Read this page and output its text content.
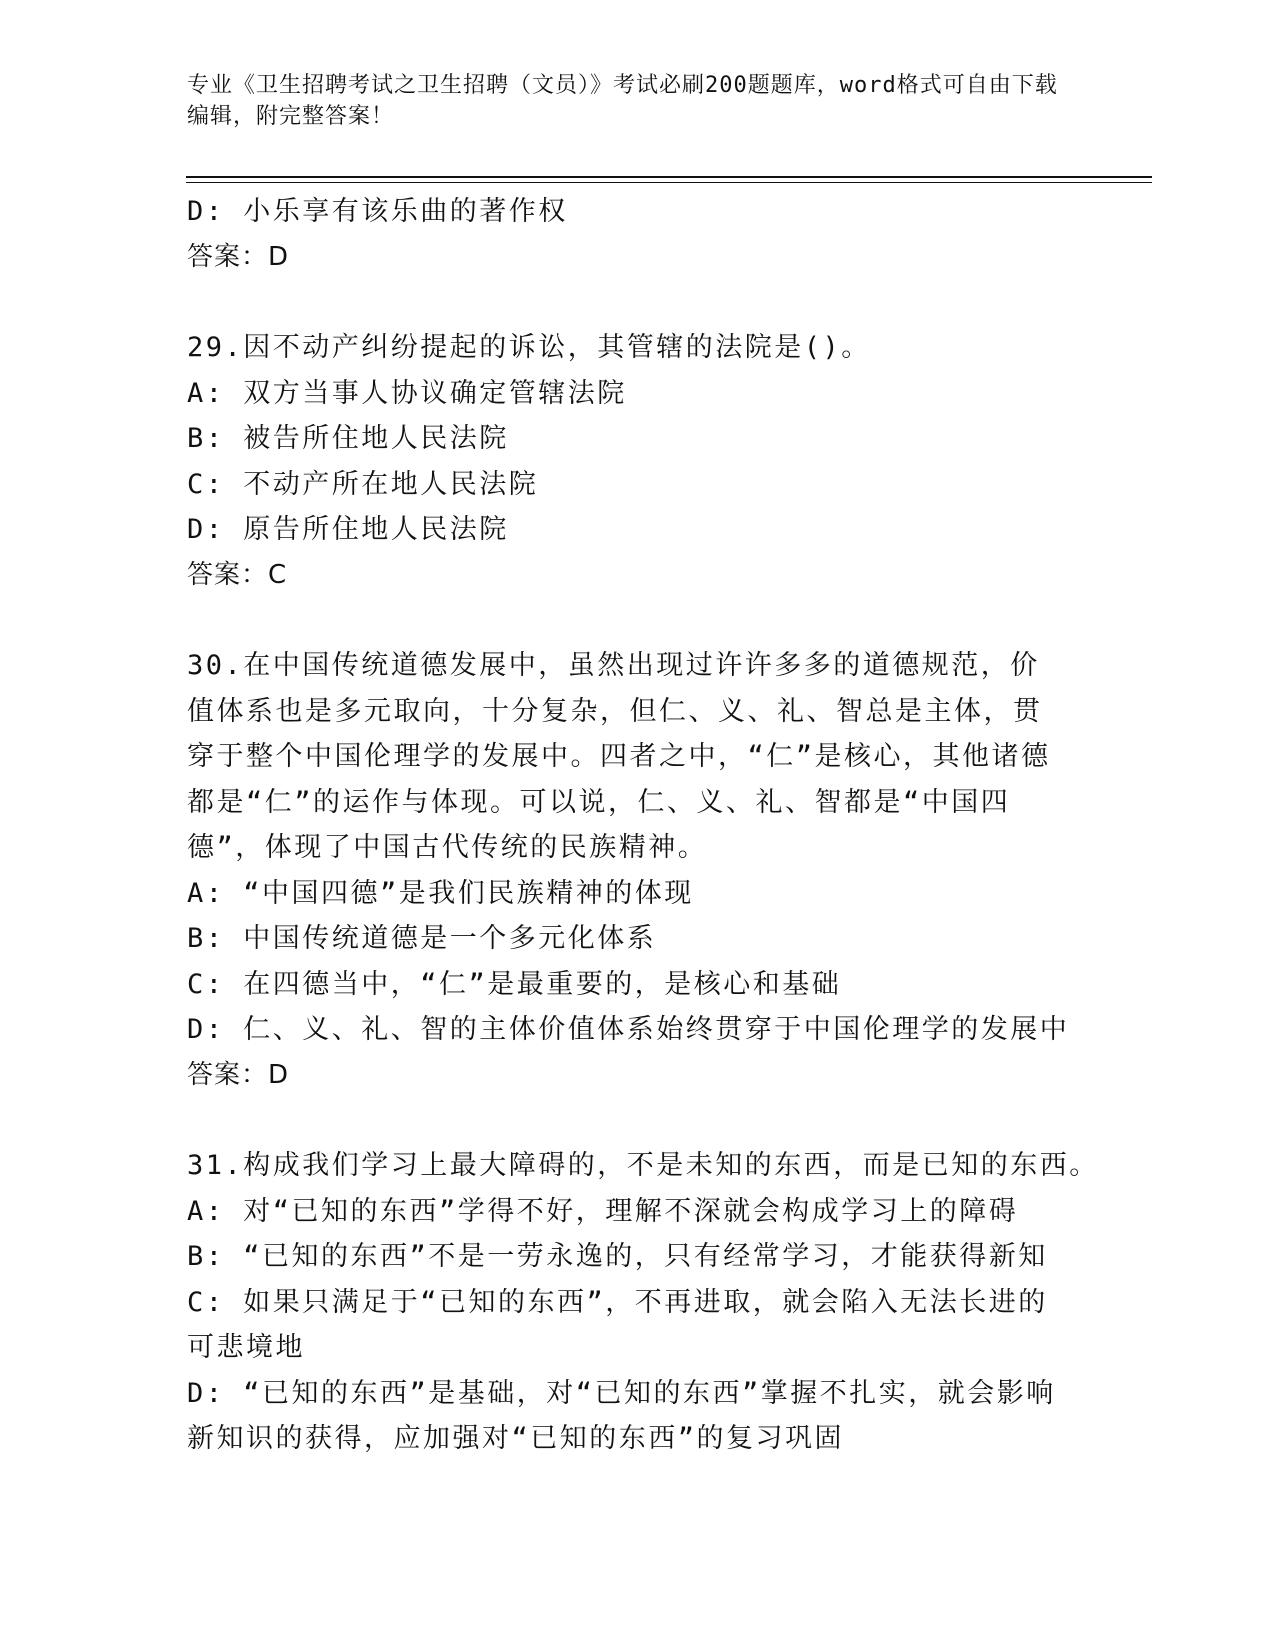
专业《卫生招聘考试之卫生招聘（文员）》考试必刷200题题库，word格式可自由下载编辑，附完整答案！
D: 小乐享有该乐曲的著作权
答案：D
29.因不动产纠纷提起的诉讼，其管辖的法院是()。
A: 双方当事人协议确定管辖法院
B: 被告所住地人民法院
C: 不动产所在地人民法院
D: 原告所住地人民法院
答案：C
30.在中国传统道德发展中，虽然出现过许许多多的道德规范，价值体系也是多元取向，十分复杂，但仁、义、礼、智总是主体，贯穿于整个中国伦理学的发展中。四者之中，“仁”是核心，其他诸德都是“仁”的运作与体现。可以说，仁、义、礼、智都是“中国四德”，体现了中国古代传统的民族精神。
A: “中国四德”是我们民族精神的体现
B: 中国传统道德是一个多元化体系
C: 在四德当中，“仁”是最重要的，是核心和基础
D: 仁、义、礼、智的主体价值体系始终贯穿于中国伦理学的发展中
答案：D
31.构成我们学习上最大障碍的，不是未知的东西，而是已知的东西。
A: 对“已知的东西”学得不好，理解不深就会构成学习上的障碍
B: “已知的东西”不是一劳永逸的，只有经常学习，才能获得新知
C: 如果只满足于“已知的东西”，不再进取，就会陷入无法长进的可悲境地
D: “已知的东西”是基础，对“已知的东西”掌握不扎实，就会影响新知识的获得，应加强对“已知的东西”的复习巩固
